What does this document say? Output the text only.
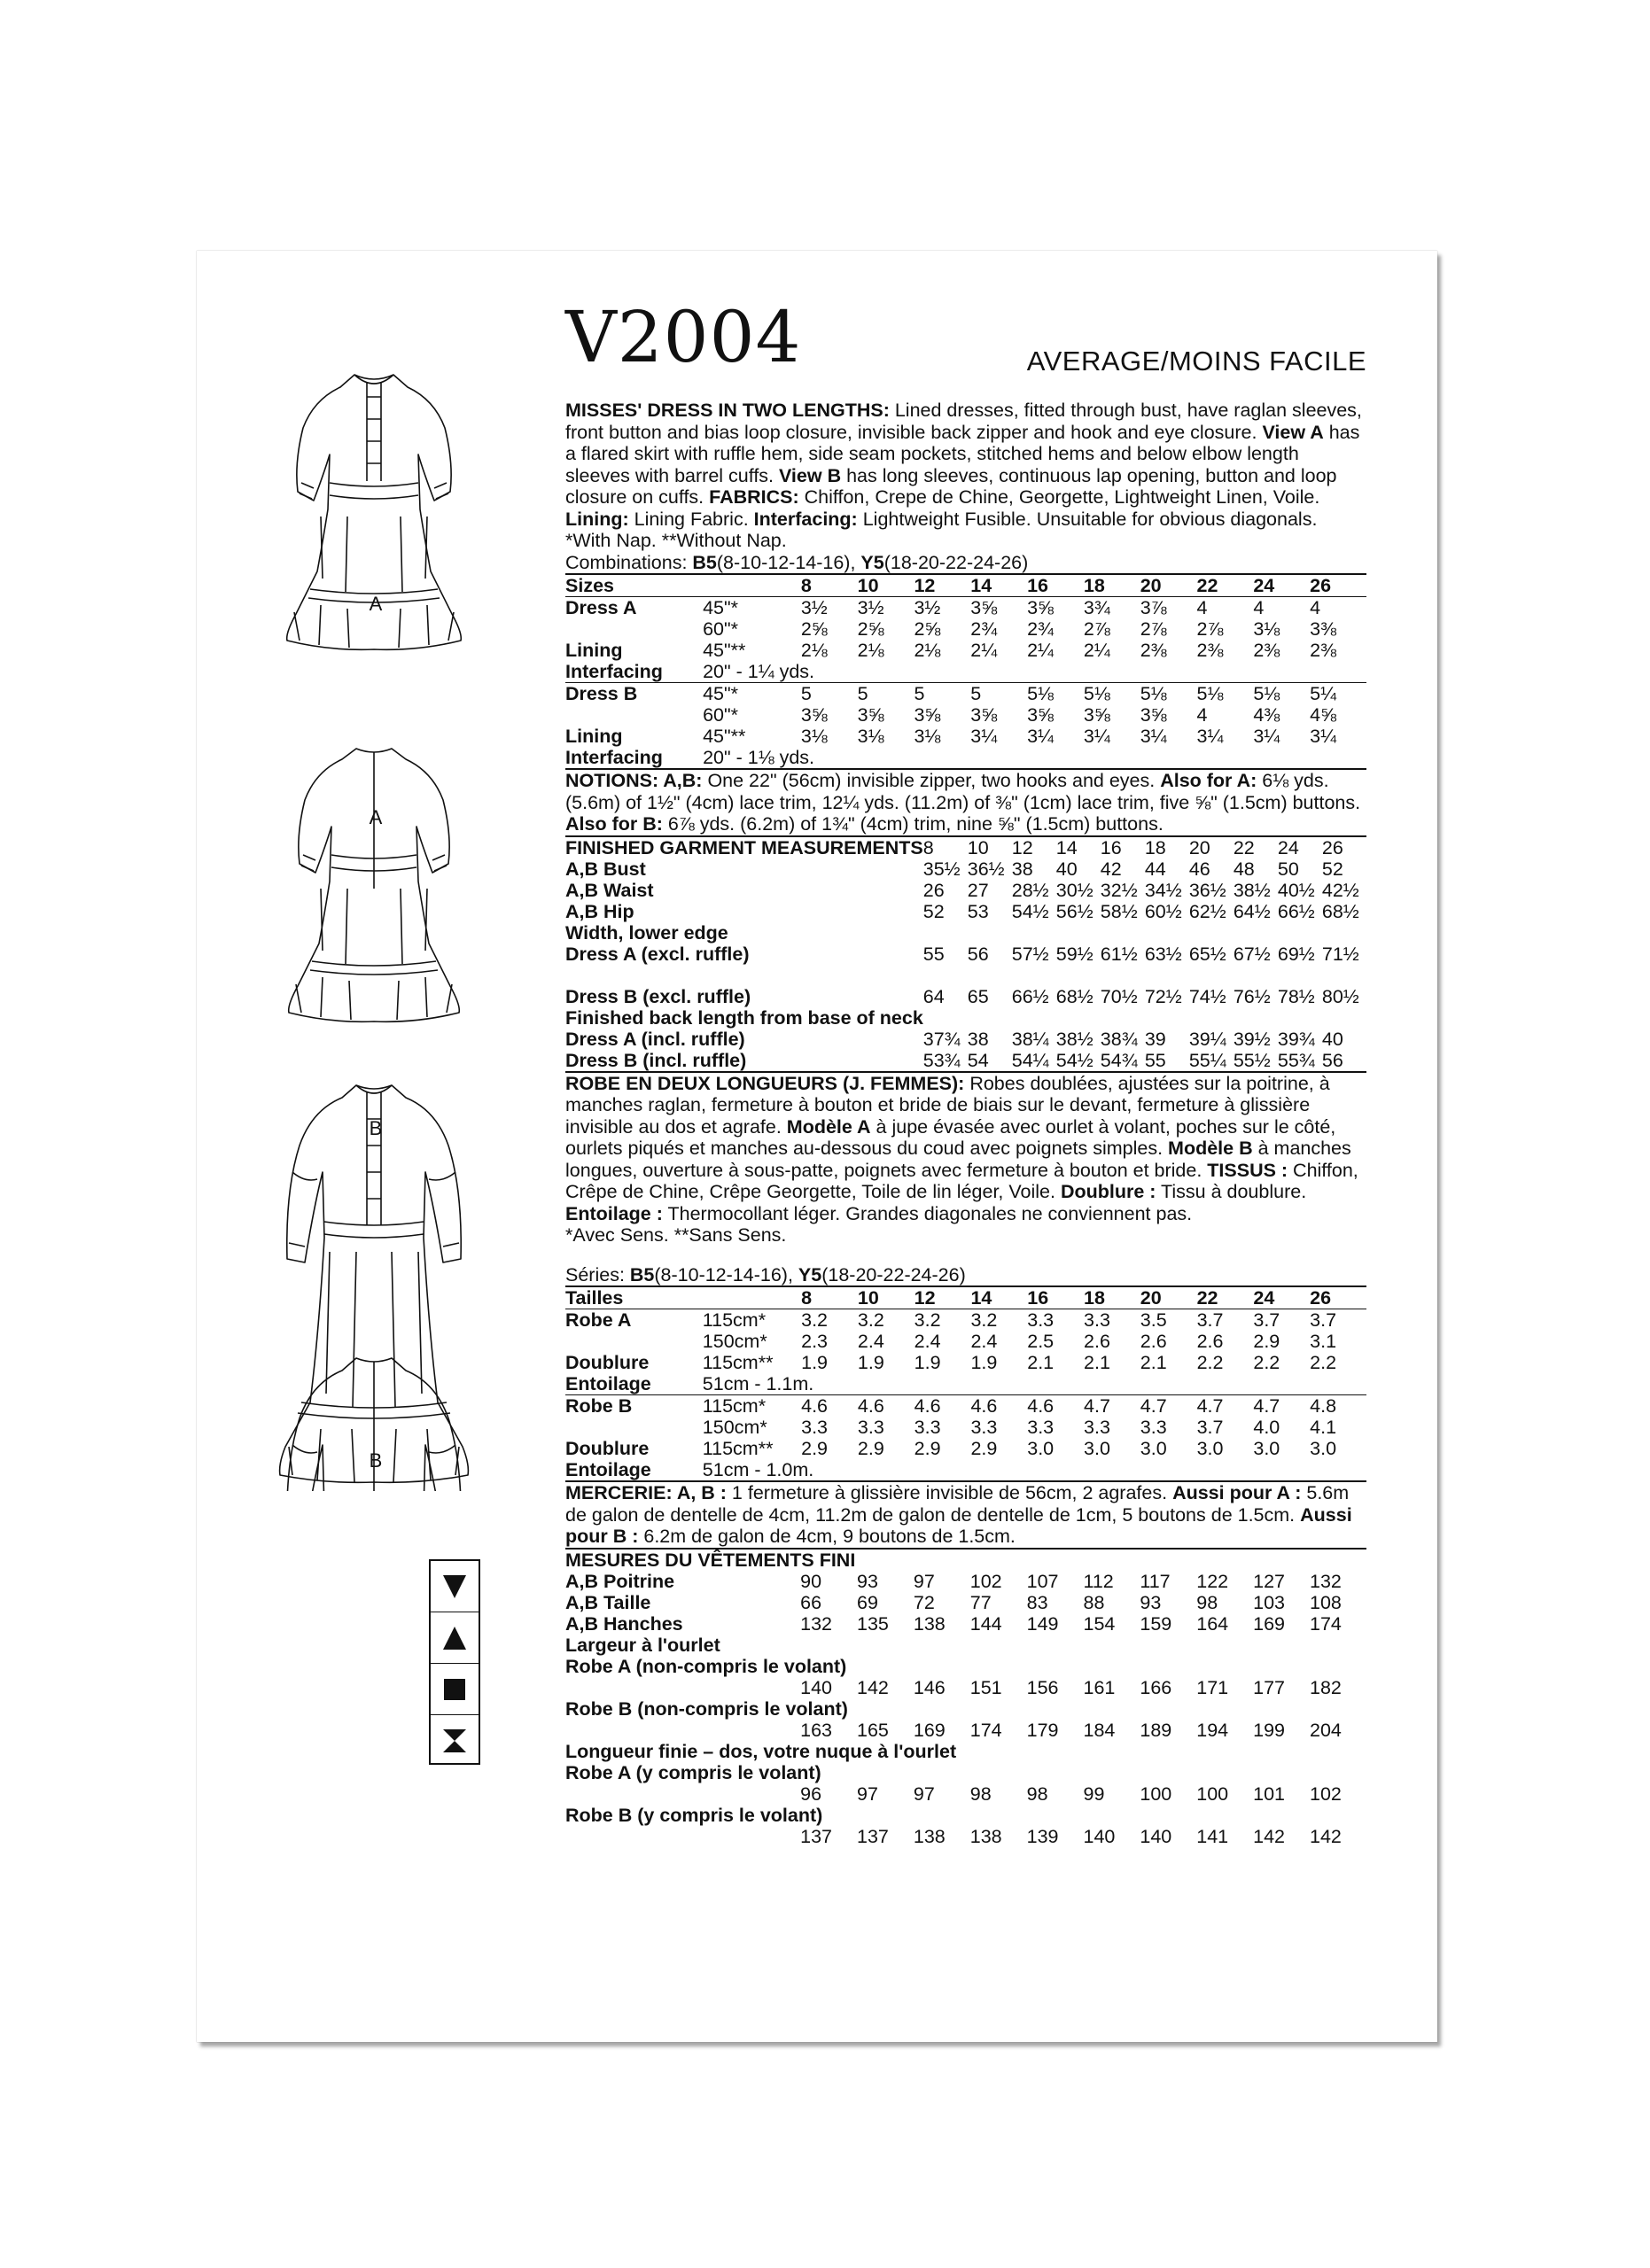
A
A
B
B
V2004	AVERAGE/MOINS FACILE

MISSES' DRESS IN TWO LENGTHS: Lined dresses, fitted through bust, have raglan sleeves, front button and bias loop closure, invisible back zipper and hook and eye closure. View A has a flared skirt with ruffle hem, side seam pockets, stitched hems and below elbow length sleeves with barrel cuffs. View B has long sleeves, continuous lap opening, button and loop closure on cuffs. FABRICS: Chiffon, Crepe de Chine, Georgette, Lightweight Linen, Voile. Lining: Lining Fabric. Interfacing: Lightweight Fusible. Unsuitable for obvious diagonals. *With Nap. **Without Nap.

Combinations: B5(8-10-12-14-16), Y5(18-20-22-24-26)

Sizes		8	10	12	14	16	18	20	22	24	26
Dress A	45"*	3½	3½	3½	3⅝	3⅝	3¾	3⅞	4	4	4
	60"*	2⅝	2⅝	2⅝	2¾	2¾	2⅞	2⅞	2⅞	3⅛	3⅜
Lining	45"**	2⅛	2⅛	2⅛	2¼	2¼	2¼	2⅜	2⅜	2⅜	2⅜
Interfacing	20" - 1¼ yds.										
Dress B	45"*	5	5	5	5	5⅛	5⅛	5⅛	5⅛	5⅛	5¼
	60"*	3⅝	3⅝	3⅝	3⅝	3⅝	3⅝	3⅝	4	4⅜	4⅝
Lining	45"**	3⅛	3⅛	3⅛	3¼	3¼	3¼	3¼	3¼	3¼	3¼
Interfacing	20" - 1⅛ yds.										

NOTIONS: A,B: One 22" (56cm) invisible zipper, two hooks and eyes. Also for A: 6⅛ yds. (5.6m) of 1½" (4cm) lace trim, 12¼ yds. (11.2m) of ⅜" (1cm) lace trim, five ⅝" (1.5cm) buttons. Also for B: 6⅞ yds. (6.2m) of 1¾" (4cm) trim, nine ⅝" (1.5cm) buttons.

FINISHED GARMENT MEASUREMENTS	8	10	12	14	16	18	20	22	24	26
A,B Bust	35½	36½	38	40	42	44	46	48	50	52
A,B Waist	26	27	28½	30½	32½	34½	36½	38½	40½	42½
A,B Hip	52	53	54½	56½	58½	60½	62½	64½	66½	68½
Width, lower edge										
Dress A (excl. ruffle)	55	56	57½	59½	61½	63½	65½	67½	69½	71½

Dress B (excl. ruffle)	64	65	66½	68½	70½	72½	74½	76½	78½	80½
Finished back length from base of neck										
Dress A (incl. ruffle)	37¾	38	38¼	38½	38¾	39	39¼	39½	39¾	40
Dress B (incl. ruffle)	53¾	54	54¼	54½	54¾	55	55¼	55½	55¾	56

ROBE EN DEUX LONGUEURS (J. FEMMES): Robes doublées, ajustées sur la poitrine, à manches raglan, fermeture à bouton et bride de biais sur le devant, fermeture à glissière invisible au dos et agrafe. Modèle A à jupe évasée avec ourlet à volant, poches sur le côté, ourlets piqués et manches au-dessous du coud avec poignets simples. Modèle B à manches longues, ouverture à sous-patte, poignets avec fermeture à bouton et bride. TISSUS : Chiffon, Crêpe de Chine, Crêpe Georgette, Toile de lin léger, Voile. Doublure : Tissu à doublure. Entoilage : Thermocollant léger. Grandes diagonales ne conviennent pas.

*Avec Sens. **Sans Sens.

Séries: B5(8-10-12-14-16), Y5(18-20-22-24-26)

Tailles		8	10	12	14	16	18	20	22	24	26
Robe A	115cm*	3.2	3.2	3.2	3.2	3.3	3.3	3.5	3.7	3.7	3.7
	150cm*	2.3	2.4	2.4	2.4	2.5	2.6	2.6	2.6	2.9	3.1
Doublure	115cm**	1.9	1.9	1.9	1.9	2.1	2.1	2.1	2.2	2.2	2.2
Entoilage	51cm - 1.1m.										
Robe B	115cm*	4.6	4.6	4.6	4.6	4.6	4.7	4.7	4.7	4.7	4.8
	150cm*	3.3	3.3	3.3	3.3	3.3	3.3	3.3	3.7	4.0	4.1
Doublure	115cm**	2.9	2.9	2.9	2.9	3.0	3.0	3.0	3.0	3.0	3.0
Entoilage	51cm - 1.0m.										

MERCERIE: A, B : 1 fermeture à glissière invisible de 56cm, 2 agrafes. Aussi pour A : 5.6m de galon de dentelle de 4cm, 11.2m de galon de dentelle de 1cm, 5 boutons de 1.5cm. Aussi pour B : 6.2m de galon de 4cm, 9 boutons de 1.5cm.

MESURES DU VÊTEMENTS FINI										
A,B Poitrine	90	93	97	102	107	112	117	122	127	132
A,B Taille	66	69	72	77	83	88	93	98	103	108
A,B Hanches	132	135	138	144	149	154	159	164	169	174
Largeur à l'ourlet										
Robe A (non-compris le volant)										
	140	142	146	151	156	161	166	171	177	182
Robe B (non-compris le volant)										
	163	165	169	174	179	184	189	194	199	204
Longueur finie – dos, votre nuque à l'ourlet										
Robe A (y compris le volant)										
	96	97	97	98	98	99	100	100	101	102
Robe B (y compris le volant)										
	137	137	138	138	139	140	140	141	142	142
